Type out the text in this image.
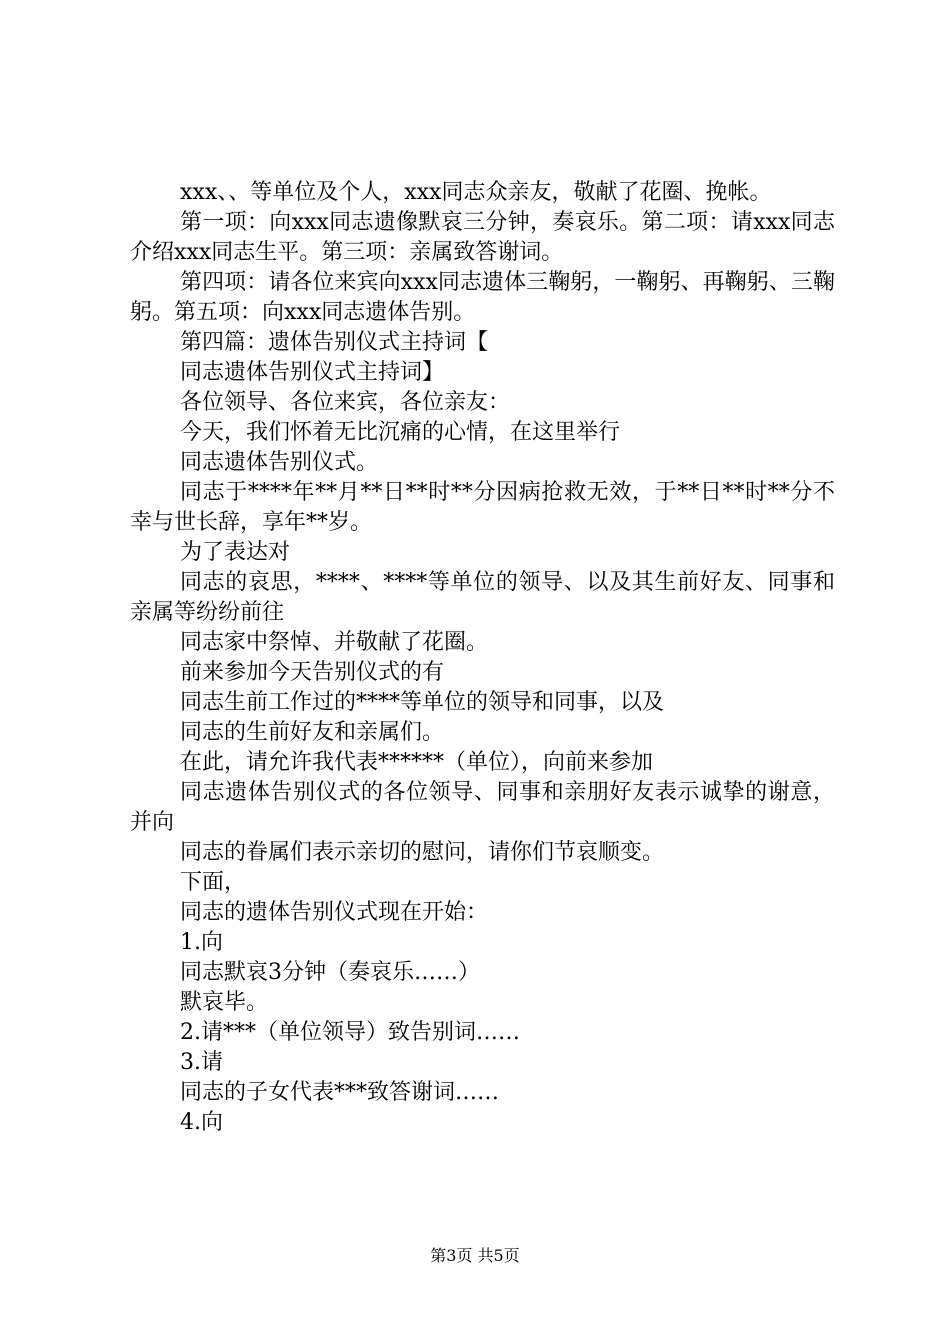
xxx、、等单位及个人，xxx同志众亲友，敬献了花圈、挽帐。

第一项：向xxx同志遗像默哀三分钟，奏哀乐。第二项：请xxx同志介绍xxx同志生平。第三项：亲属致答谢词。

第四项：请各位来宾向xxx同志遗体三鞠躬，一鞠躬、再鞠躬、三鞠躬。第五项：向xxx同志遗体告别。

第四篇：遗体告别仪式主持词【

同志遗体告别仪式主持词】

各位领导、各位来宾，各位亲友：

今天，我们怀着无比沉痛的心情，在这里举行

同志遗体告别仪式。

同志于****年**月**日**时**分因病抢救无效，于**日**时**分不幸与世长辞，享年**岁。

为了表达对

同志的哀思，****、****等单位的领导、以及其生前好友、同事和亲属等纷纷前往

同志家中祭悼、并敬献了花圈。

前来参加今天告别仪式的有

同志生前工作过的****等单位的领导和同事，以及

同志的生前好友和亲属们。

在此，请允许我代表******（单位），向前来参加

同志遗体告别仪式的各位领导、同事和亲朋好友表示诚挚的谢意，并向

同志的眷属们表示亲切的慰问，请你们节哀顺变。

下面，

同志的遗体告别仪式现在开始：

1.向

同志默哀3分钟（奏哀乐……）

默哀毕。

2.请***（单位领导）致告别词……

3.请

同志的子女代表***致答谢词……

4.向

第3页 共5页
